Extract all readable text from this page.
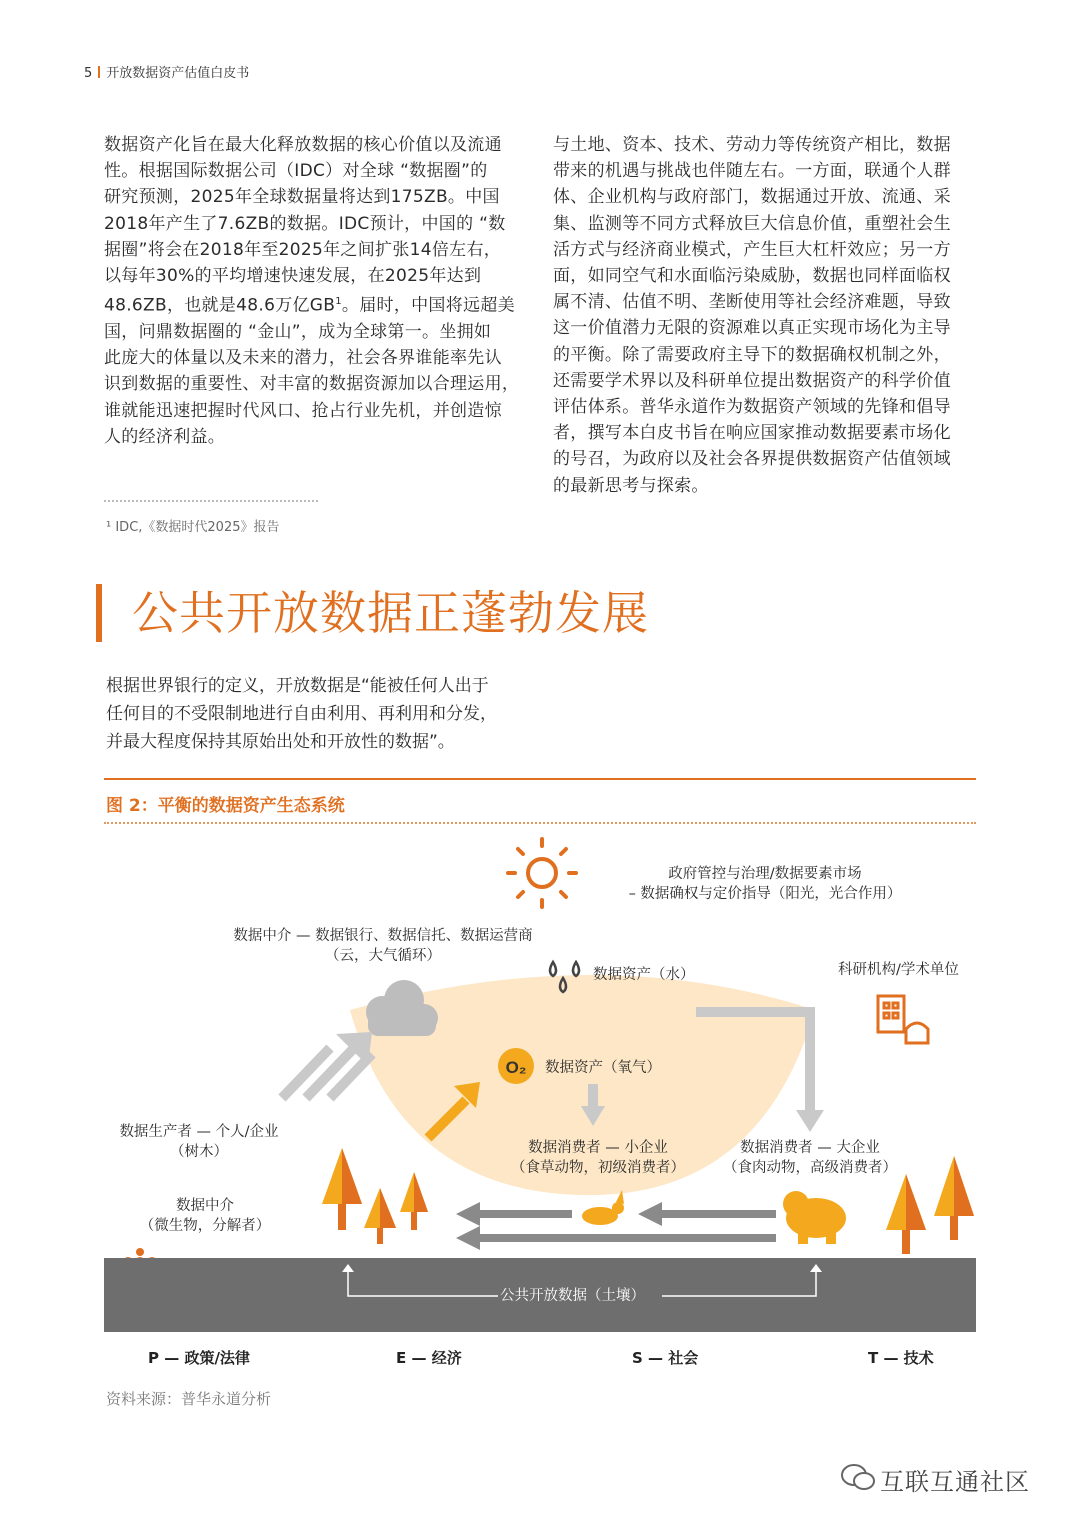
5 开放数据资产估值白皮书
数据资产化旨在最大化释放数据的核心价值以及流通
性。根据国际数据公司（IDC）对全球 “数据圈”的
研究预测，2025年全球数据量将达到175ZB。中国
2018年产生了7.6ZB的数据。IDC预计，中国的 “数
据圈”将会在2018年至2025年之间扩张14倍左右，
以每年30%的平均增速快速发展，在2025年达到
48.6ZB，也就是48.6万亿$GB^1$。届时，中国将远超美
国，问鼎数据圈的 “金山”，成为全球第一。坐拥如
此庞大的体量以及未来的潜力，社会各界谁能率先认
识到数据的重要性、对丰富的数据资源加以合理运用，
谁就能迅速把握时代风口、抢占行业先机，并创造惊
人的经济利益。
与土地、资本、技术、劳动力等传统资产相比，数据
带来的机遇与挑战也伴随左右。一方面，联通个人群
体、企业机构与政府部门，数据通过开放、流通、采
集、监测等不同方式释放巨大信息价值，重塑社会生
活方式与经济商业模式，产生巨大杠杆效应；另一方
面，如同空气和水面临污染威胁，数据也同样面临权
属不清、估值不明、垄断使用等社会经济难题，导致
这一价值潜力无限的资源难以真正实现市场化为主导
的平衡。除了需要政府主导下的数据确权机制之外，
还需要学术界以及科研单位提出数据资产的科学价值
评估体系。普华永道作为数据资产领域的先锋和倡导
者，撰写本白皮书旨在响应国家推动数据要素市场化
的号召，为政府以及社会各界提供数据资产估值领域
的最新思考与探索。
¹ IDC,《数据时代2025》报告
公共开放数据正蓬勃发展
根据世界银行的定义，开放数据是“能被任何人出于
任何目的不受限制地进行自由利用、再利用和分发，
并最大程度保持其原始出处和开放性的数据”。
图 2：平衡的数据资产生态系统
O₂
公共开放数据（土壤）
政府管控与治理/数据要素市场
– 数据确权与定价指导（阳光，光合作用）
数据中介 — 数据银行、数据信托、数据运营商
（云，大气循环）
数据资产（水）	科研机构/学术单位
数据资产（氧气）
数据生产者 — 个人/企业
（树木）	数据消费者 — 小企业
（食草动物，初级消费者）
数据消费者 — 大企业
（食肉动物，高级消费者）
数据中介
（微生物，分解者）
P — 政策/法律	E — 经济	S — 社会	T — 技术
资料来源：普华永道分析
互联互通社区
